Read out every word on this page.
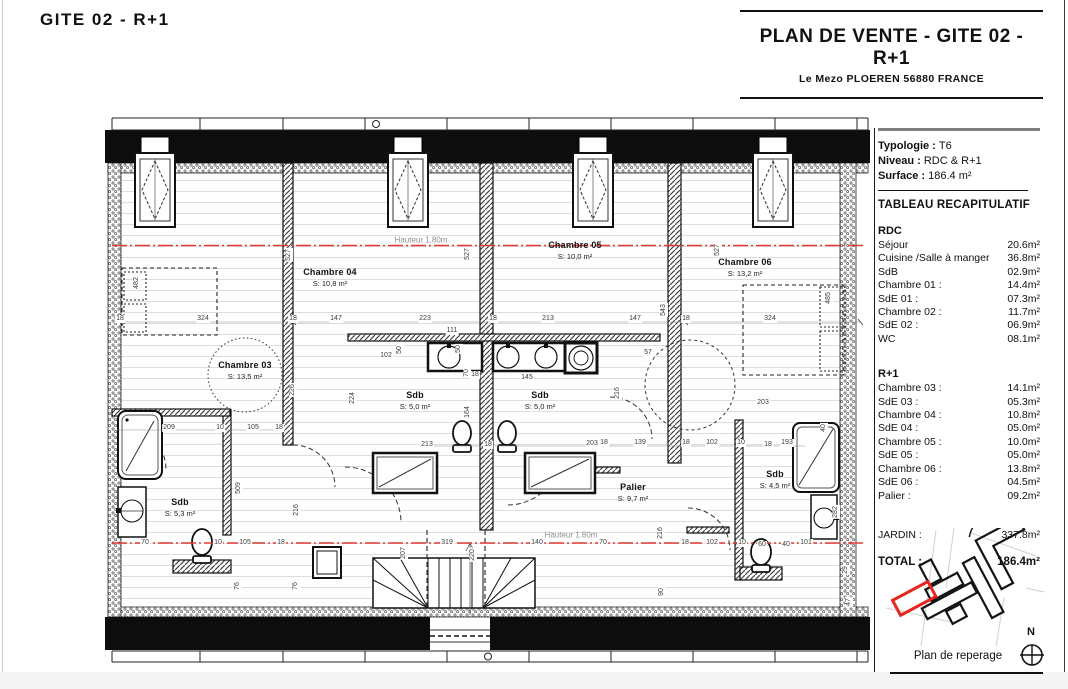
GITE 02 - R+1
PLAN DE VENTE - GITE 02 - R+1
Le Mezo PLOEREN 56880 FRANCE
Hauteur 1.80m
Hauteur 1.80m
18	324	18	147	223	18	213	147	18	324
111
57
102
145
18
482
527	527	527
543
485
226
224
50	50
70
209	10	105 18
213	18	203	18
203
18	139	18 102	10	193
164
216
40
70	10 105	18	319	140	70	18 102	10 60 40 101
509
216
76	76
207	220
90
216
282
29
47
Chambre 03
S: 13,5 m²
Chambre 04
S: 10,8 m²
Chambre 05
S: 10,0 m²
Chambre 06
S: 13,2 m²
Sdb
S: 5,0 m²
Sdb
S: 5,0 m²
Sdb
S: 5,3 m²
Sdb
S: 4,5 m²
Palier
S: 9,7 m²
Typologie : T6
Niveau : RDC & R+1
Surface : 186.4 m²
TABLEAU RECAPITULATIF
RDC
Séjour	20.6m²
Cuisine /Salle à manger 36.8m²
SdB	02.9m²
Chambre 01 :	14.4m²
SdE 01 :	07.3m²
Chambre 02 :	11.7m²
SdE 02 :	06.9m²
WC	08.1m²
R+1
Chambre 03 :	14.1m²
SdE 03 :	05.3m²
Chambre 04 :	10.8m²
SdE 04 :	05.0m²
Chambre 05 :	10.0m²
SdE 05 :	05.0m²
Chambre 06 :	13.8m²
SdE 06 :	04.5m²
Palier :	09.2m²
JARDIN :	337.8m²
TOTAL :	186.4m²
Plan de reperage
N
